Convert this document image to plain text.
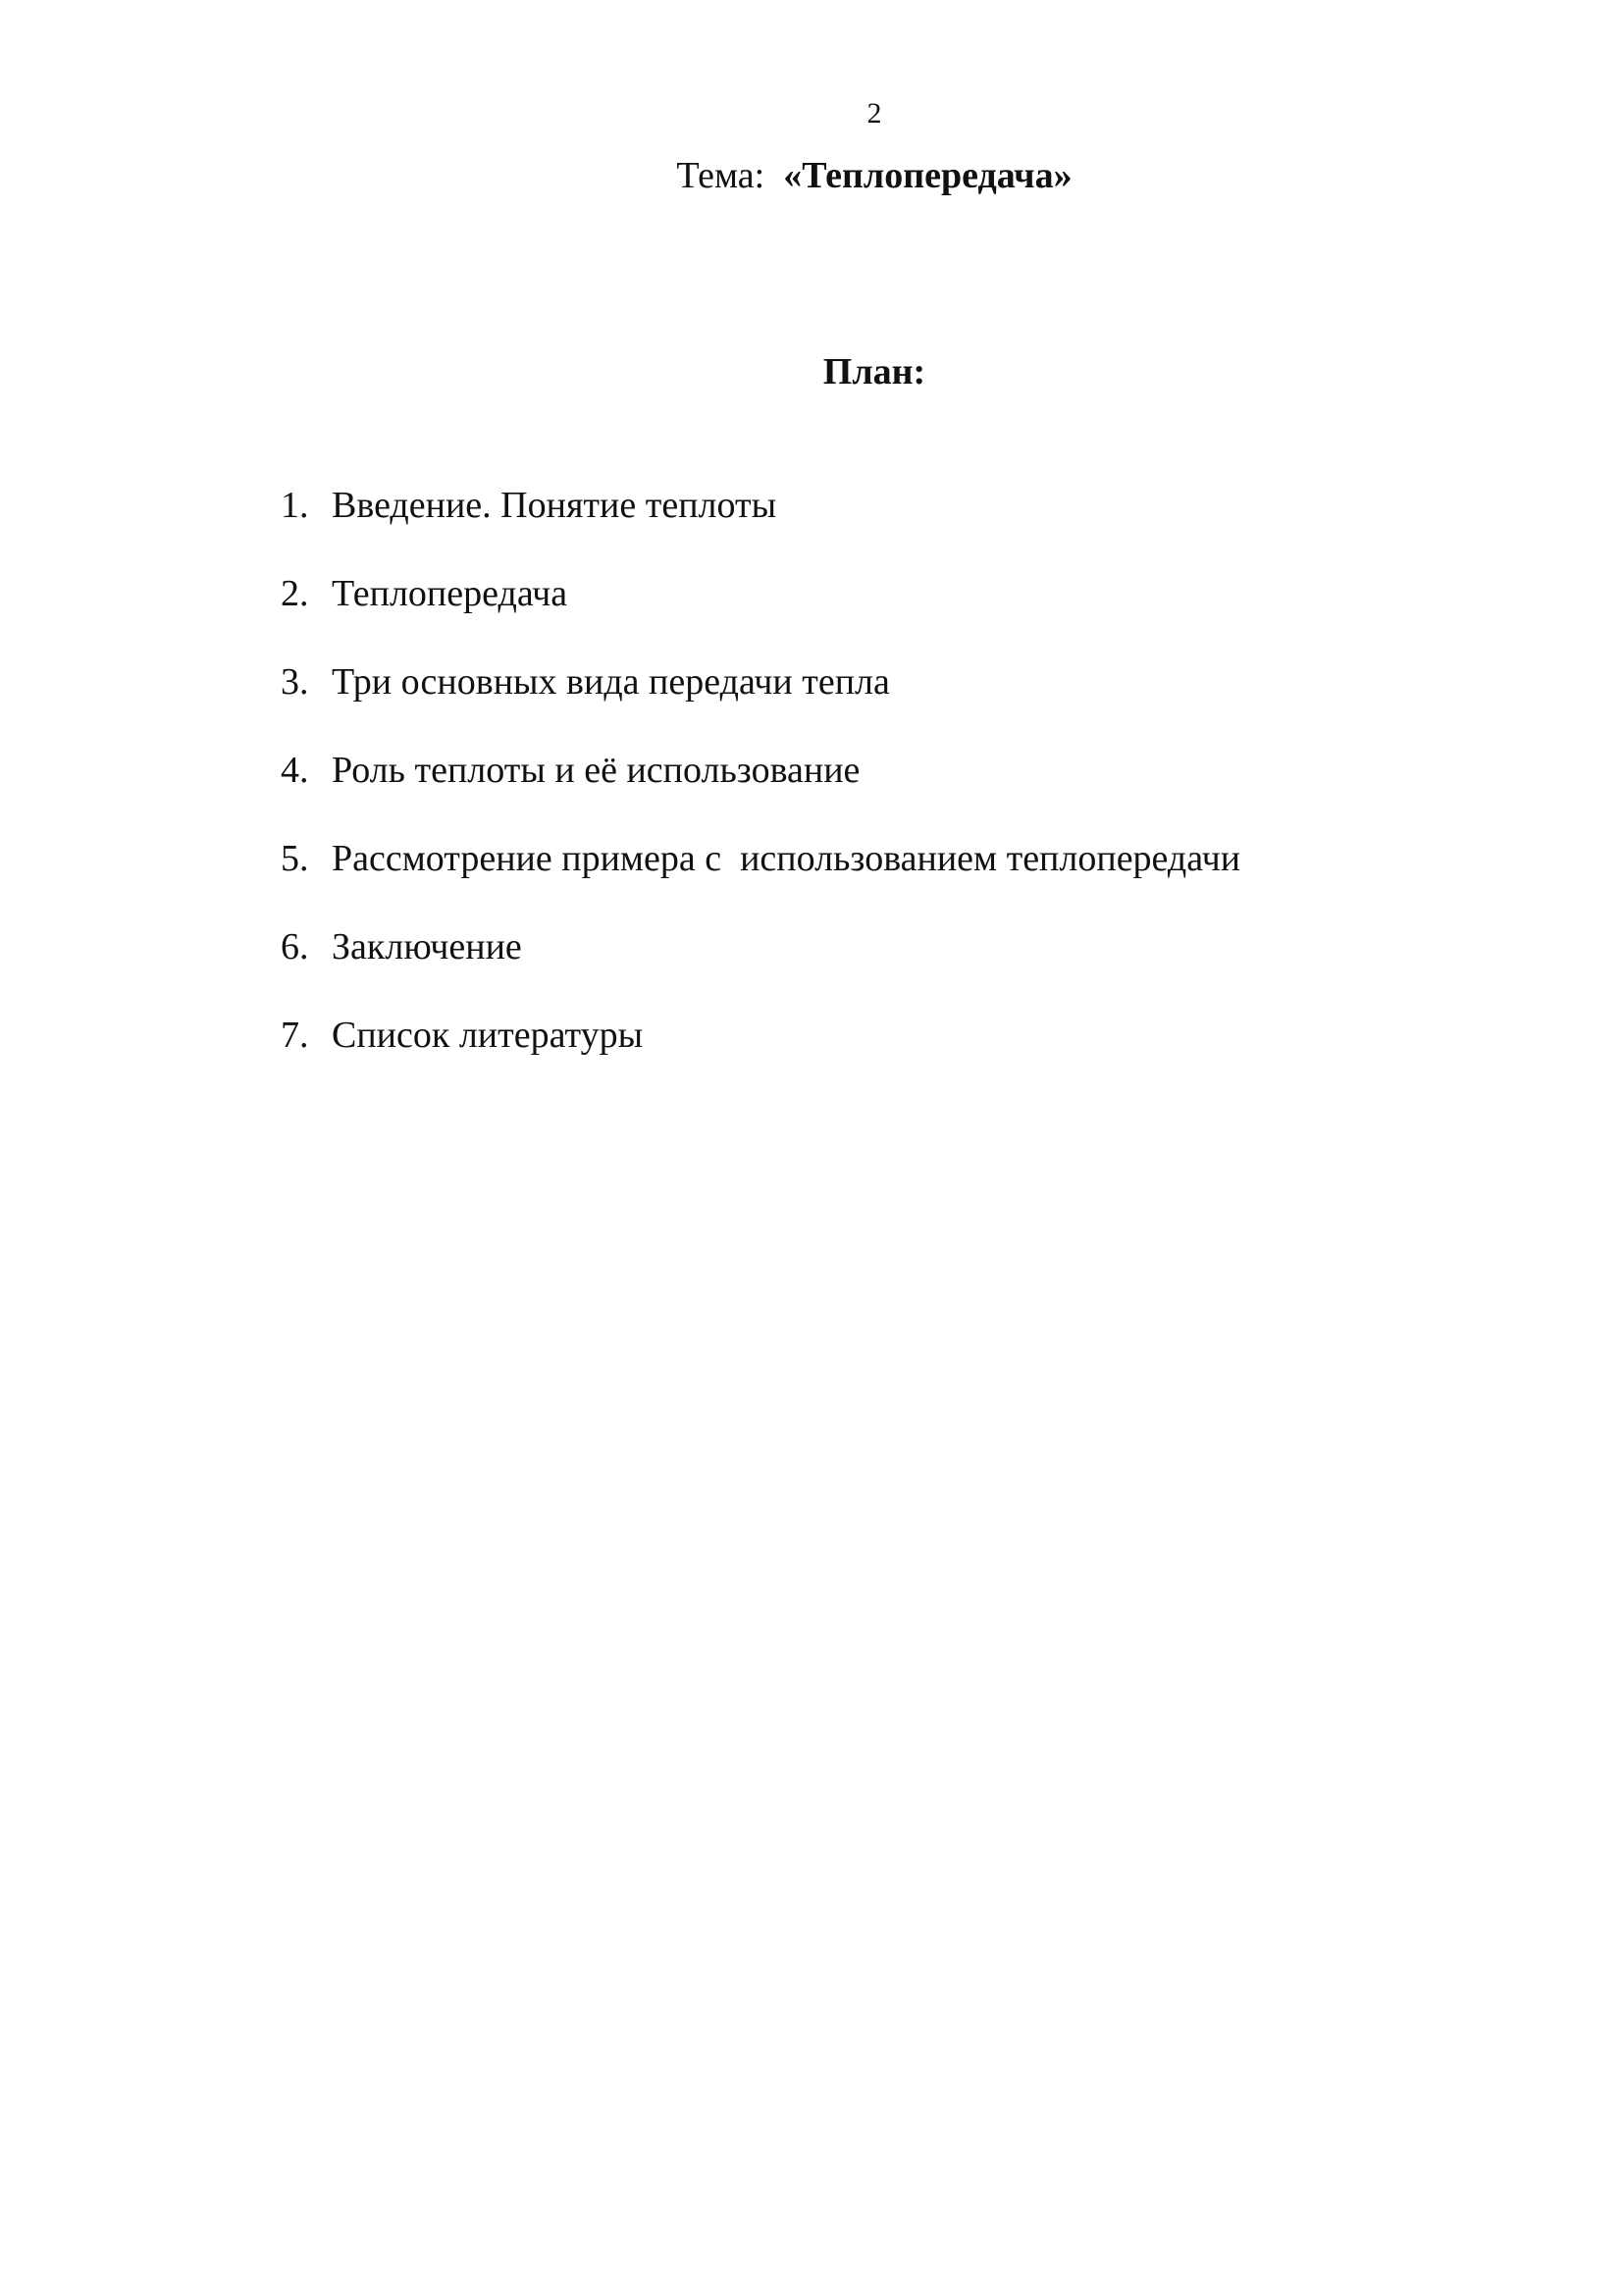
2
Тема:  «Теплопередача»
План:
1. Введение. Понятие теплоты
2. Теплопередача
3. Три основных вида передачи тепла
4. Роль теплоты и её использование
5. Рассмотрение примера с  использованием теплопередачи
6. Заключение
7. Список литературы
